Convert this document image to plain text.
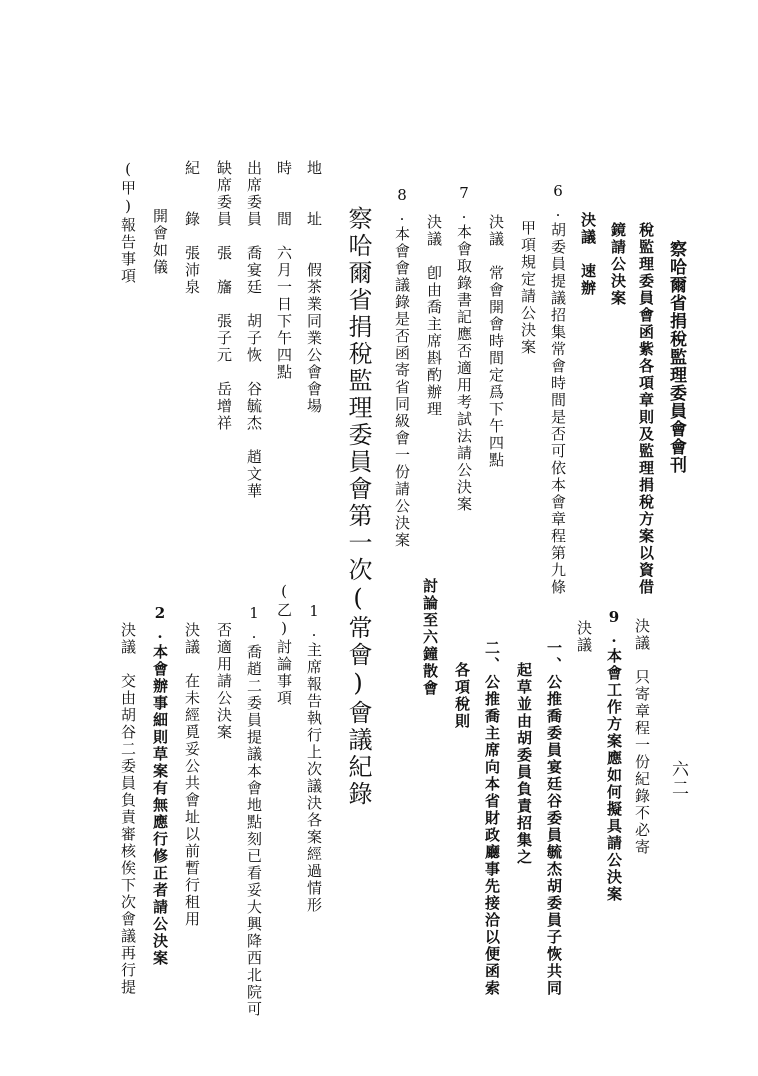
察哈爾省捐稅監理委員會會刊
稅監理委員會函紫各項章則及監理捐稅方案以資借
鏡請公決案
決議　速辦
6.胡委員提議招集常會時間是否可依本會章程第九條
甲項規定請公決案
決議　常會開會時間定爲下午四點
7.本會取錄書記應否適用考試法請公決案
決議　卽由喬主席斟酌辦理
8.本會會議錄是否函寄省同級會一份請公決案
察哈爾省捐稅監理委員會第一次(常會)會議紀錄
地　　址　　假茶業同業公會會場
時　　間　六月一日下午四點
出席委員　喬宴廷　胡子恢　谷毓杰　趙文華
缺席委員　張　旛　張子元　岳增祥
紀　　錄　張沛泉
開會如儀
(甲)報告事項
六二
決議　只寄章程一份紀錄不必寄
9.本會工作方案應如何擬具請公決案
決議
一、公推喬委員宴廷谷委員毓杰胡委員子恢共同
起草並由胡委員負責招集之
二、公推喬主席向本省財政廳事先接洽以便函索
各項稅則
討論至六鐘散會
1.主席報告執行上次議決各案經過情形
(乙)討論事項
1.喬趙二委員提議本會地點刻已看妥大興降西北院可
否適用請公決案
決議　在未經覓妥公共會址以前暫行租用
2.本會辦事細則草案有無應行修正者請公決案
決議　交由胡谷二委員負責審核俟下次會議再行提
